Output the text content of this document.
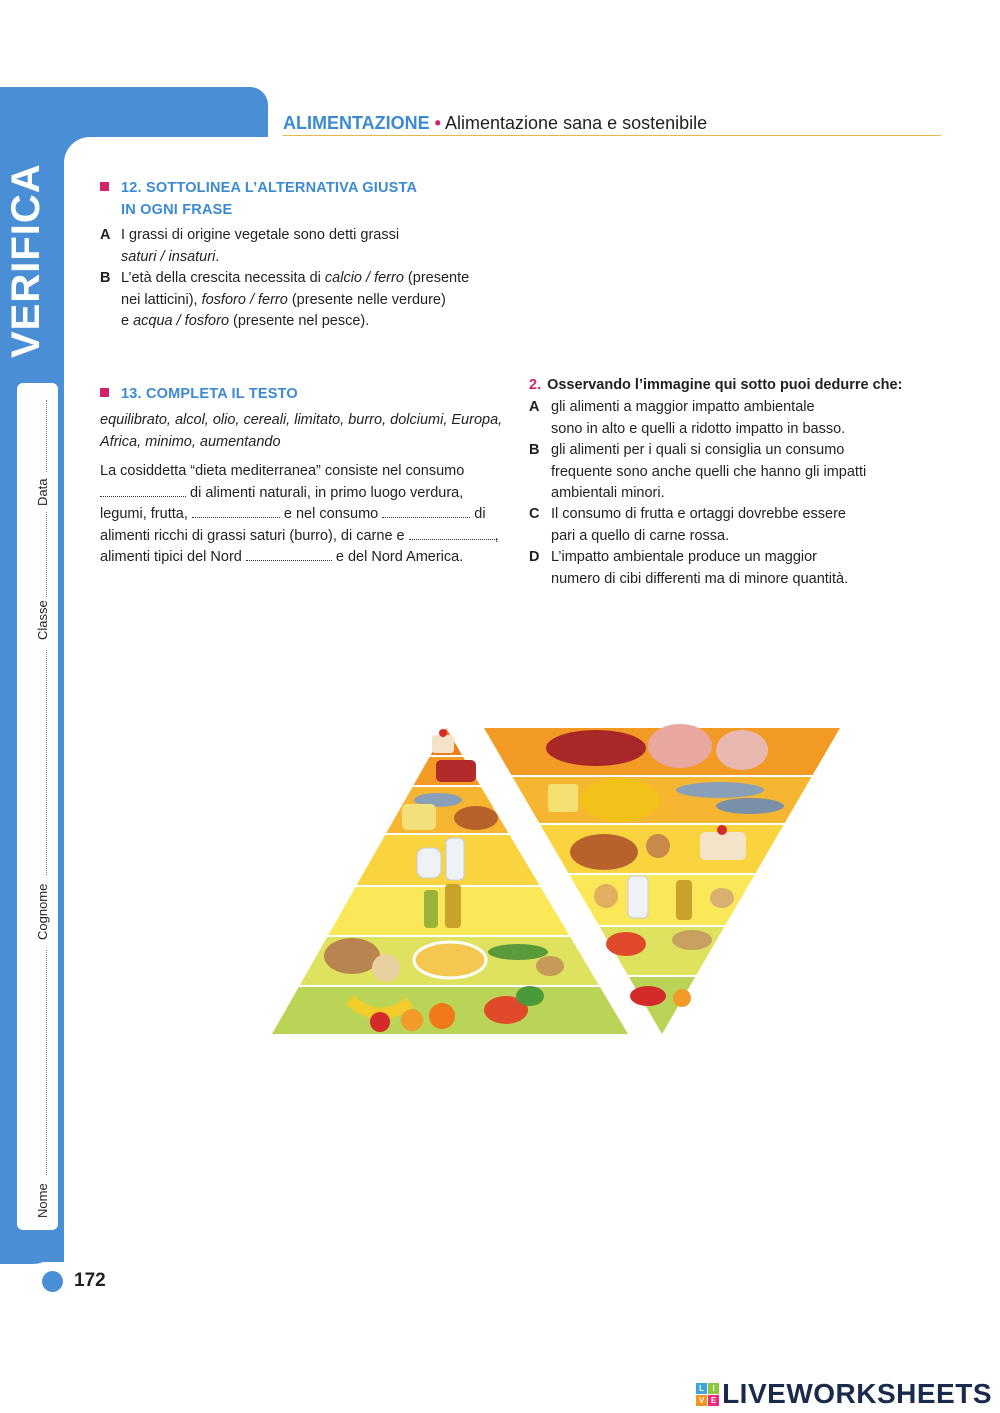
VERIFICA
Data
Classe
Cognome
Nome
ALIMENTAZIONE • Alimentazione sana e sostenibile
12. SOTTOLINEA L’ALTERNATIVA GIUSTA
IN OGNI FRASE
A I grassi di origine vegetale sono detti grassi
saturi / insaturi.
B L’età della crescita necessita di calcio / ferro (presente
nei latticini), fosforo / ferro (presente nelle verdure)
e acqua / fosforo (presente nel pesce).
13. COMPLETA IL TESTO
equilibrato, alcol, olio, cereali, limitato, burro, dolciumi, Europa,
Africa, minimo, aumentando
La cosiddetta “dieta mediterranea” consiste nel consumo
di alimenti naturali, in primo luogo verdura,
legumi, frutta,	e nel consumo	di
alimenti ricchi di grassi saturi (burro), di carne e	,
alimenti tipici del Nord	e del Nord America.
2. Osservando l’immagine qui sotto puoi dedurre che:
A gli alimenti a maggior impatto ambientale
sono in alto e quelli a ridotto impatto in basso.
B gli alimenti per i quali si consiglia un consumo
frequente sono anche quelli che hanno gli impatti
ambientali minori.
C Il consumo di frutta e ortaggi dovrebbe essere
pari a quello di carne rossa.
D L’impatto ambientale produce un maggior
numero di cibi differenti ma di minore quantità.
172
L	I
V E LIVEWORKSHEETS
